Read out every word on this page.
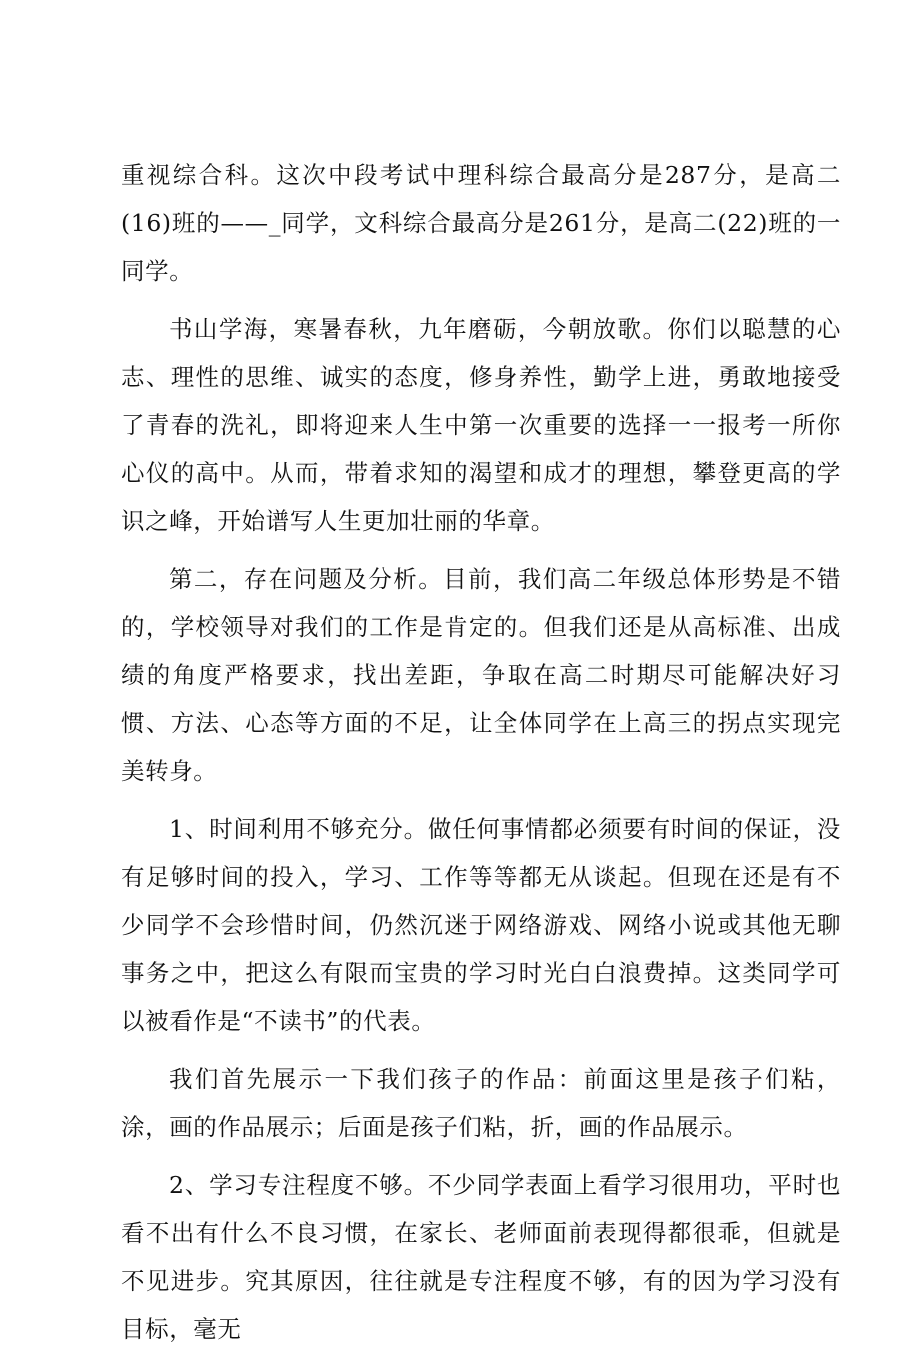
重视综合科。这次中段考试中理科综合最高分是287分，是高二(16)班的——_同学，文科综合最高分是261分，是高二(22)班的一同学。

书山学海，寒暑春秋，九年磨砺，今朝放歌。你们以聪慧的心志、理性的思维、诚实的态度，修身养性，勤学上进，勇敢地接受了青春的洗礼，即将迎来人生中第一次重要的选择一一报考一所你心仪的高中。从而，带着求知的渴望和成才的理想，攀登更高的学识之峰，开始谱写人生更加壮丽的华章。

第二，存在问题及分析。目前，我们高二年级总体形势是不错的，学校领导对我们的工作是肯定的。但我们还是从高标准、出成绩的角度严格要求，找出差距，争取在高二时期尽可能解决好习惯、方法、心态等方面的不足，让全体同学在上高三的拐点实现完美转身。

1、时间利用不够充分。做任何事情都必须要有时间的保证，没有足够时间的投入，学习、工作等等都无从谈起。但现在还是有不少同学不会珍惜时间，仍然沉迷于网络游戏、网络小说或其他无聊事务之中，把这么有限而宝贵的学习时光白白浪费掉。这类同学可以被看作是“不读书”的代表。

我们首先展示一下我们孩子的作品：前面这里是孩子们粘，涂，画的作品展示；后面是孩子们粘，折，画的作品展示。

2、学习专注程度不够。不少同学表面上看学习很用功，平时也看不出有什么不良习惯，在家长、老师面前表现得都很乖，但就是不见进步。究其原因，往往就是专注程度不够，有的因为学习没有目标，毫无
